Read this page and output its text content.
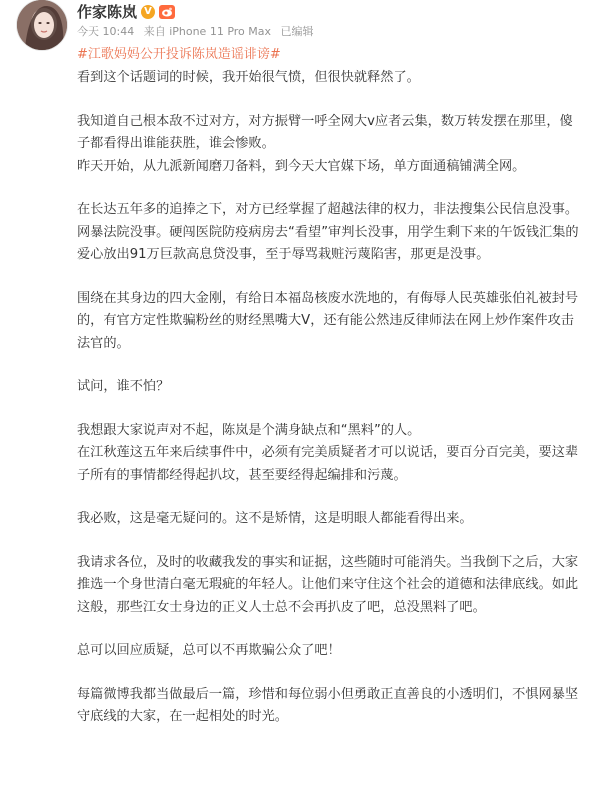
作家陈岚 V
今天 10:44 来自 iPhone 11 Pro Max 已编辑
#江歌妈妈公开投诉陈岚造谣诽谤#

看到这个话题词的时候，我开始很气愤，但很快就释然了。

我知道自己根本敌不过对方，对方振臂一呼全网大v应者云集，数万转发摆在那里，傻子都看得出谁能获胜，谁会惨败。

昨天开始，从九派新闻磨刀备料，到今天大官媒下场，单方面通稿铺满全网。

在长达五年多的追捧之下，对方已经掌握了超越法律的权力，非法搜集公民信息没事。网暴法院没事。硬闯医院防疫病房去“看望”审判长没事，用学生剩下来的午饭钱汇集的爱心放出91万巨款高息贷没事，至于辱骂栽赃污蔑陷害，那更是没事。

围绕在其身边的四大金刚，有给日本福岛核废水洗地的，有侮辱人民英雄张伯礼被封号的，有官方定性欺骗粉丝的财经黑嘴大V，还有能公然违反律师法在网上炒作案件攻击法官的。

试问，谁不怕？

我想跟大家说声对不起，陈岚是个满身缺点和“黑料”的人。

在江秋莲这五年来后续事件中，必须有完美质疑者才可以说话，要百分百完美，要这辈子所有的事情都经得起扒坟，甚至要经得起编排和污蔑。

我必败，这是毫无疑问的。这不是矫情，这是明眼人都能看得出来。

我请求各位，及时的收藏我发的事实和证据，这些随时可能消失。当我倒下之后，大家推选一个身世清白毫无瑕疵的年轻人。让他们来守住这个社会的道德和法律底线。如此这般，那些江女士身边的正义人士总不会再扒皮了吧，总没黑料了吧。

总可以回应质疑，总可以不再欺骗公众了吧！

每篇微博我都当做最后一篇，珍惜和每位弱小但勇敢正直善良的小透明们，不惧网暴坚守底线的大家，在一起相处的时光。
